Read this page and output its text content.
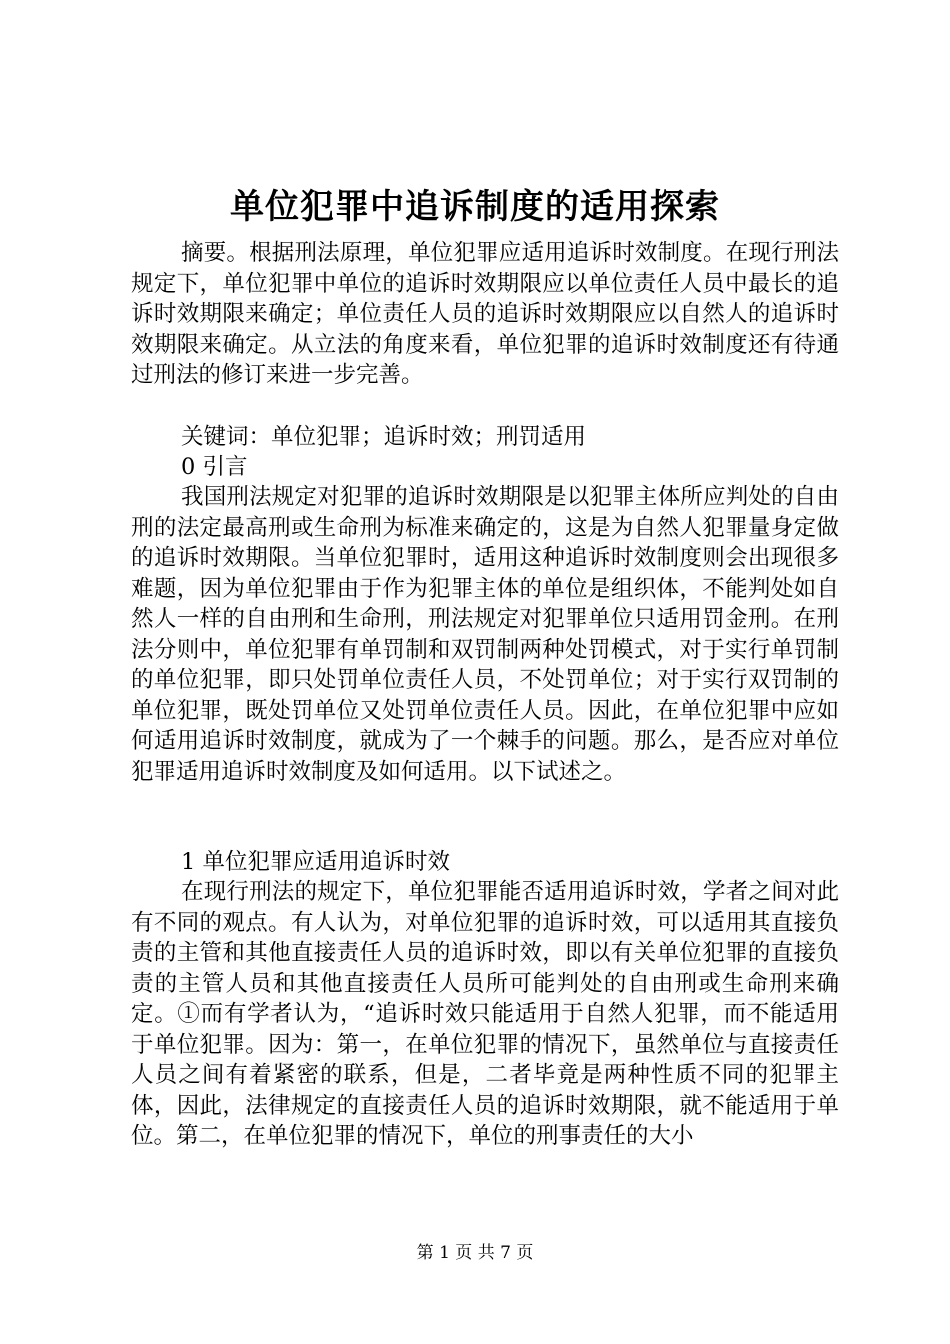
单位犯罪中追诉制度的适用探索

摘要。根据刑法原理，单位犯罪应适用追诉时效制度。在现行刑法规定下，单位犯罪中单位的追诉时效期限应以单位责任人员中最长的追诉时效期限来确定；单位责任人员的追诉时效期限应以自然人的追诉时效期限来确定。从立法的角度来看，单位犯罪的追诉时效制度还有待通过刑法的修订来进一步完善。

关键词：单位犯罪；追诉时效；刑罚适用

0 引言

我国刑法规定对犯罪的追诉时效期限是以犯罪主体所应判处的自由刑的法定最高刑或生命刑为标准来确定的，这是为自然人犯罪量身定做的追诉时效期限。当单位犯罪时，适用这种追诉时效制度则会出现很多难题，因为单位犯罪由于作为犯罪主体的单位是组织体，不能判处如自然人一样的自由刑和生命刑，刑法规定对犯罪单位只适用罚金刑。在刑法分则中，单位犯罪有单罚制和双罚制两种处罚模式，对于实行单罚制的单位犯罪，即只处罚单位责任人员，不处罚单位；对于实行双罚制的单位犯罪，既处罚单位又处罚单位责任人员。因此，在单位犯罪中应如何适用追诉时效制度，就成为了一个棘手的问题。那么，是否应对单位犯罪适用追诉时效制度及如何适用。以下试述之。

1 单位犯罪应适用追诉时效

在现行刑法的规定下，单位犯罪能否适用追诉时效，学者之间对此有不同的观点。有人认为，对单位犯罪的追诉时效，可以适用其直接负责的主管和其他直接责任人员的追诉时效，即以有关单位犯罪的直接负责的主管人员和其他直接责任人员所可能判处的自由刑或生命刑来确定。①而有学者认为，“追诉时效只能适用于自然人犯罪，而不能适用于单位犯罪。因为：第一，在单位犯罪的情况下，虽然单位与直接责任人员之间有着紧密的联系，但是，二者毕竟是两种性质不同的犯罪主体，因此，法律规定的直接责任人员的追诉时效期限，就不能适用于单位。第二，在单位犯罪的情况下，单位的刑事责任的大小

第 1 页 共 7 页
